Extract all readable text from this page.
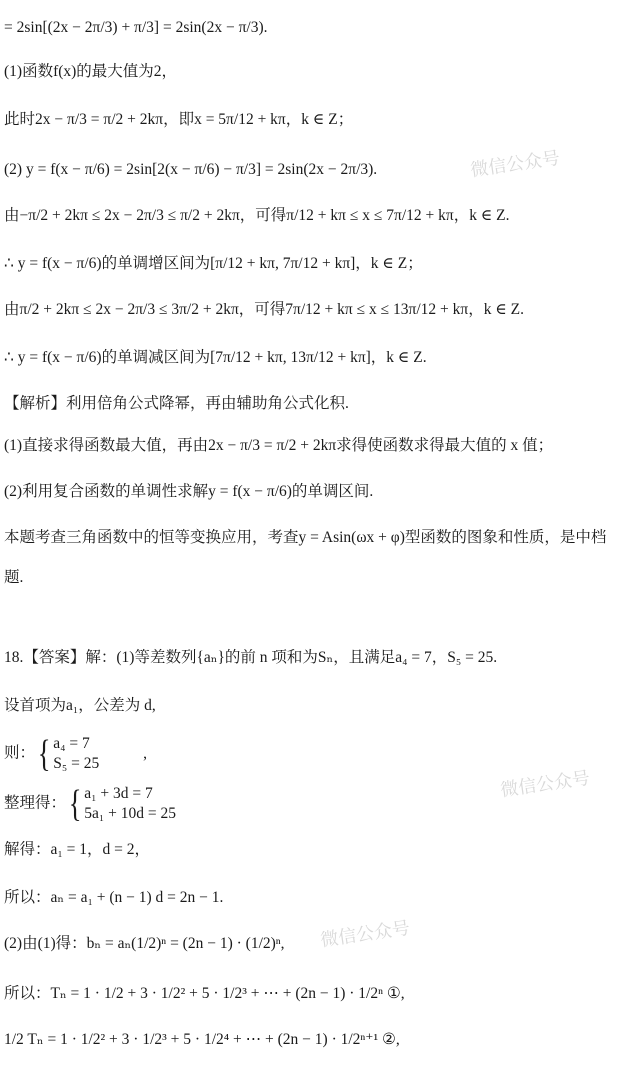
= 2sin[(2x − 2π/3) + π/3] = 2sin(2x − π/3).
(1)函数f(x)的最大值为2，
此时2x − π/3 = π/2 + 2kπ，即x = 5π/12 + kπ，k ∈ Z；
(2) y = f(x − π/6) = 2sin[2(x − π/6) − π/3] = 2sin(2x − 2π/3).
由−π/2 + 2kπ ≤ 2x − 2π/3 ≤ π/2 + 2kπ，可得π/12 + kπ ≤ x ≤ 7π/12 + kπ，k ∈ Z.
∴ y = f(x − π/6)的单调增区间为[π/12 + kπ, 7π/12 + kπ]，k ∈ Z；
由π/2 + 2kπ ≤ 2x − 2π/3 ≤ 3π/2 + 2kπ，可得7π/12 + kπ ≤ x ≤ 13π/12 + kπ，k ∈ Z.
∴ y = f(x − π/6)的单调减区间为[7π/12 + kπ, 13π/12 + kπ]，k ∈ Z.
【解析】利用倍角公式降幂，再由辅助角公式化积.
(1)直接求得函数最大值，再由2x − π/3 = π/2 + 2kπ求得使函数求得最大值的 x 值；
(2)利用复合函数的单调性求解y = f(x − π/6)的单调区间.
本题考查三角函数中的恒等变换应用，考查y = Asin(ωx + φ)型函数的图象和性质，是中档
题.
18.【答案】解：(1)等差数列{aₙ}的前 n 项和为Sₙ，且满足a₄ = 7，S₅ = 25.
设首项为a₁，公差为 d,
则：{ a₄ = 7
S₅ = 25 ,
整理得：{ a₁ + 3d = 7
5a₁ + 10d = 25
解得：a₁ = 1，d = 2，
所以：aₙ = a₁ + (n − 1) d = 2n − 1.
(2)由(1)得：bₙ = aₙ(1/2)ⁿ = (2n − 1) · (1/2)ⁿ,
所以：Tₙ = 1 · 1/2 + 3 · 1/2² + 5 · 1/2³ + ⋯ + (2n − 1) · 1/2ⁿ ①,
1/2 Tₙ = 1 · 1/2² + 3 · 1/2³ + 5 · 1/2⁴ + ⋯ + (2n − 1) · 1/2ⁿ⁺¹ ②,
微信公众号
微信公众号
微信公众号
